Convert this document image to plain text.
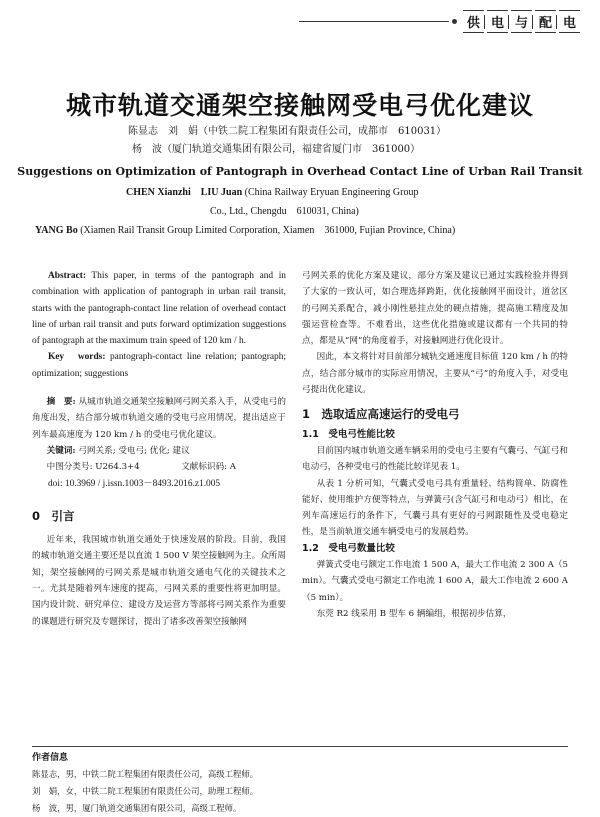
供 电 与 配 电
城市轨道交通架空接触网受电弓优化建议
陈显志　刘　娟（中铁二院工程集团有限责任公司，成都市　610031）
杨　波（厦门轨道交通集团有限公司，福建省厦门市　361000）
Suggestions on Optimization of Pantograph in Overhead Contact Line of Urban Rail Transit
CHEN Xianzhi　LIU Juan (China Railway Eryuan Engineering Group
Co., Ltd., Chengdu　610031, China)
YANG Bo (Xiamen Rail Transit Group Limited Corporation, Xiamen　361000, Fujian Province, China)

Abstract: This paper, in terms of the pantograph and in combination with application of pantograph in urban rail transit, starts with the pantograph-contact line relation of overhead contact line of urban rail transit and puts forward optimization suggestions of pantograph at the maximum train speed of 120 km / h.

Key　words: pantograph-contact line relation; pantograph; optimization; suggestions

摘　要: 从城市轨道交通架空接触网弓网关系入手，从受电弓的角度出发，结合部分城市轨道交通的受电弓应用情况，提出适应于列车最高速度为 120 km / h 的受电弓优化建议。

关键词: 弓网关系; 受电弓; 优化; 建议

中图分类号: U264.3+4	文献标识码: A

doi: 10.3969 / j.issn.1003－8493.2016.z1.005

0　引言

近年来，我国城市轨道交通处于快速发展的阶段。目前，我国的城市轨道交通主要还是以直流 1 500 V 架空接触网为主。众所周知，架空接触网的弓网关系是城市轨道交通电气化的关键技术之一。尤其是随着列车速度的提高，弓网关系的重要性将更加明显。国内设计院、研究单位、建设方及运营方等部将弓网关系作为重要的课题进行研究及专题探讨，提出了诸多改善架空接触网

弓网关系的优化方案及建议，部分方案及建议已通过实践检验并得到了大家的一致认可，如合理选择跨距，优化接触网平面设计，道岔区的弓网关系配合，减小刚性悬挂点处的硬点措施，提高施工精度及加强运营检查等。不难看出，这些优化措施或建议都有一个共同的特点，都是从“网”的角度着手，对接触网进行优化设计。

因此，本文将针对目前部分城轨交通速度目标值 120 km / h 的特点，结合部分城市的实际应用情况，主要从“弓”的角度入手，对受电弓提出优化建议。

1　选取适应高速运行的受电弓

1.1　受电弓性能比较

目前国内城市轨道交通车辆采用的受电弓主要有气囊弓、气缸弓和电动弓，各种受电弓的性能比较详见表 1。

从表 1 分析可知，气囊式受电弓具有重量轻、结构简单、防腐性能好、使用维护方便等特点，与弹簧弓(含气缸弓和电动弓）相比，在列车高速运行的条件下，气囊弓具有更好的弓网跟随性及受电稳定性，是当前轨道交通车辆受电弓的发展趋势。

1.2　受电弓数量比较

弹簧式受电弓额定工作电流 1 500 A，最大工作电流 2 300 A（5 min）。气囊式受电弓额定工作电流 1 600 A，最大工作电流 2 600 A（5 min）。

东莞 R2 线采用 B 型车 6 辆编组，根据初步估算，

作者信息
陈显志，男，中铁二院工程集团有限责任公司，高级工程师。
刘　娟，女，中铁二院工程集团有限责任公司，助理工程师。
杨　波，男，厦门轨道交通集团有限公司，高级工程师。
